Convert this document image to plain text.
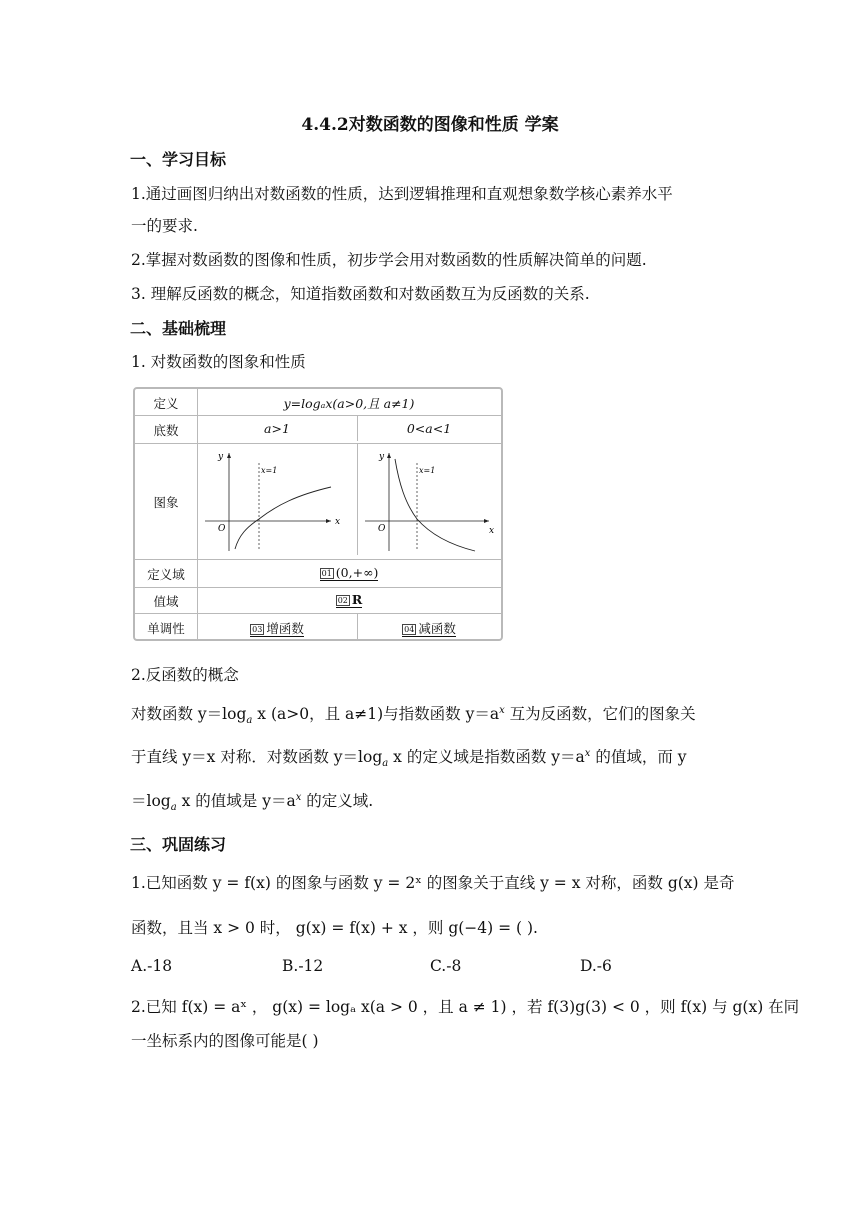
4.4.2对数函数的图像和性质 学案
一、学习目标
1.通过画图归纳出对数函数的性质，达到逻辑推理和直观想象数学核心素养水平
一的要求.
2.掌握对数函数的图像和性质，初步学会用对数函数的性质解决简单的问题.
3. 理解反函数的概念，知道指数函数和对数函数互为反函数的关系.
二、基础梳理
1. 对数函数的图象和性质
定义	y=logₐx(a>0,且 a≠1)
底数	a>1	0<a<1
图象
y
x
O
x=1
y
x
O
x=1
定义域	01 (0,+∞)
值域	02 R
单调性	03 增函数	04 减函数
2.反函数的概念
对数函数 $y=\log_a$ x (a>0，且 a≠1)与指数函数 $y=a^x$ 互为反函数，它们的图象关
于直线 y＝x 对称．对数函数 $y=\log_a$ x 的定义域是指数函数 $y=a^x$ 的值域，而 y
$=\log_a$ x 的值域是 $y=a^x$ 的定义域.
三、巩固练习
1.已知函数 y = f(x) 的图象与函数 y = 2ˣ 的图象关于直线 y = x 对称，函数 g(x) 是奇
函数，且当 x > 0 时， g(x) = f(x) + x ，则 g(−4) = ( ).
A.-18	B.-12	C.-8	D.-6
2.已知 f(x) = aˣ ， g(x) = logₐ x(a > 0 ，且 a ≠ 1) ，若 f(3)g(3) < 0 ，则 f(x) 与 g(x) 在同
一坐标系内的图像可能是( )
